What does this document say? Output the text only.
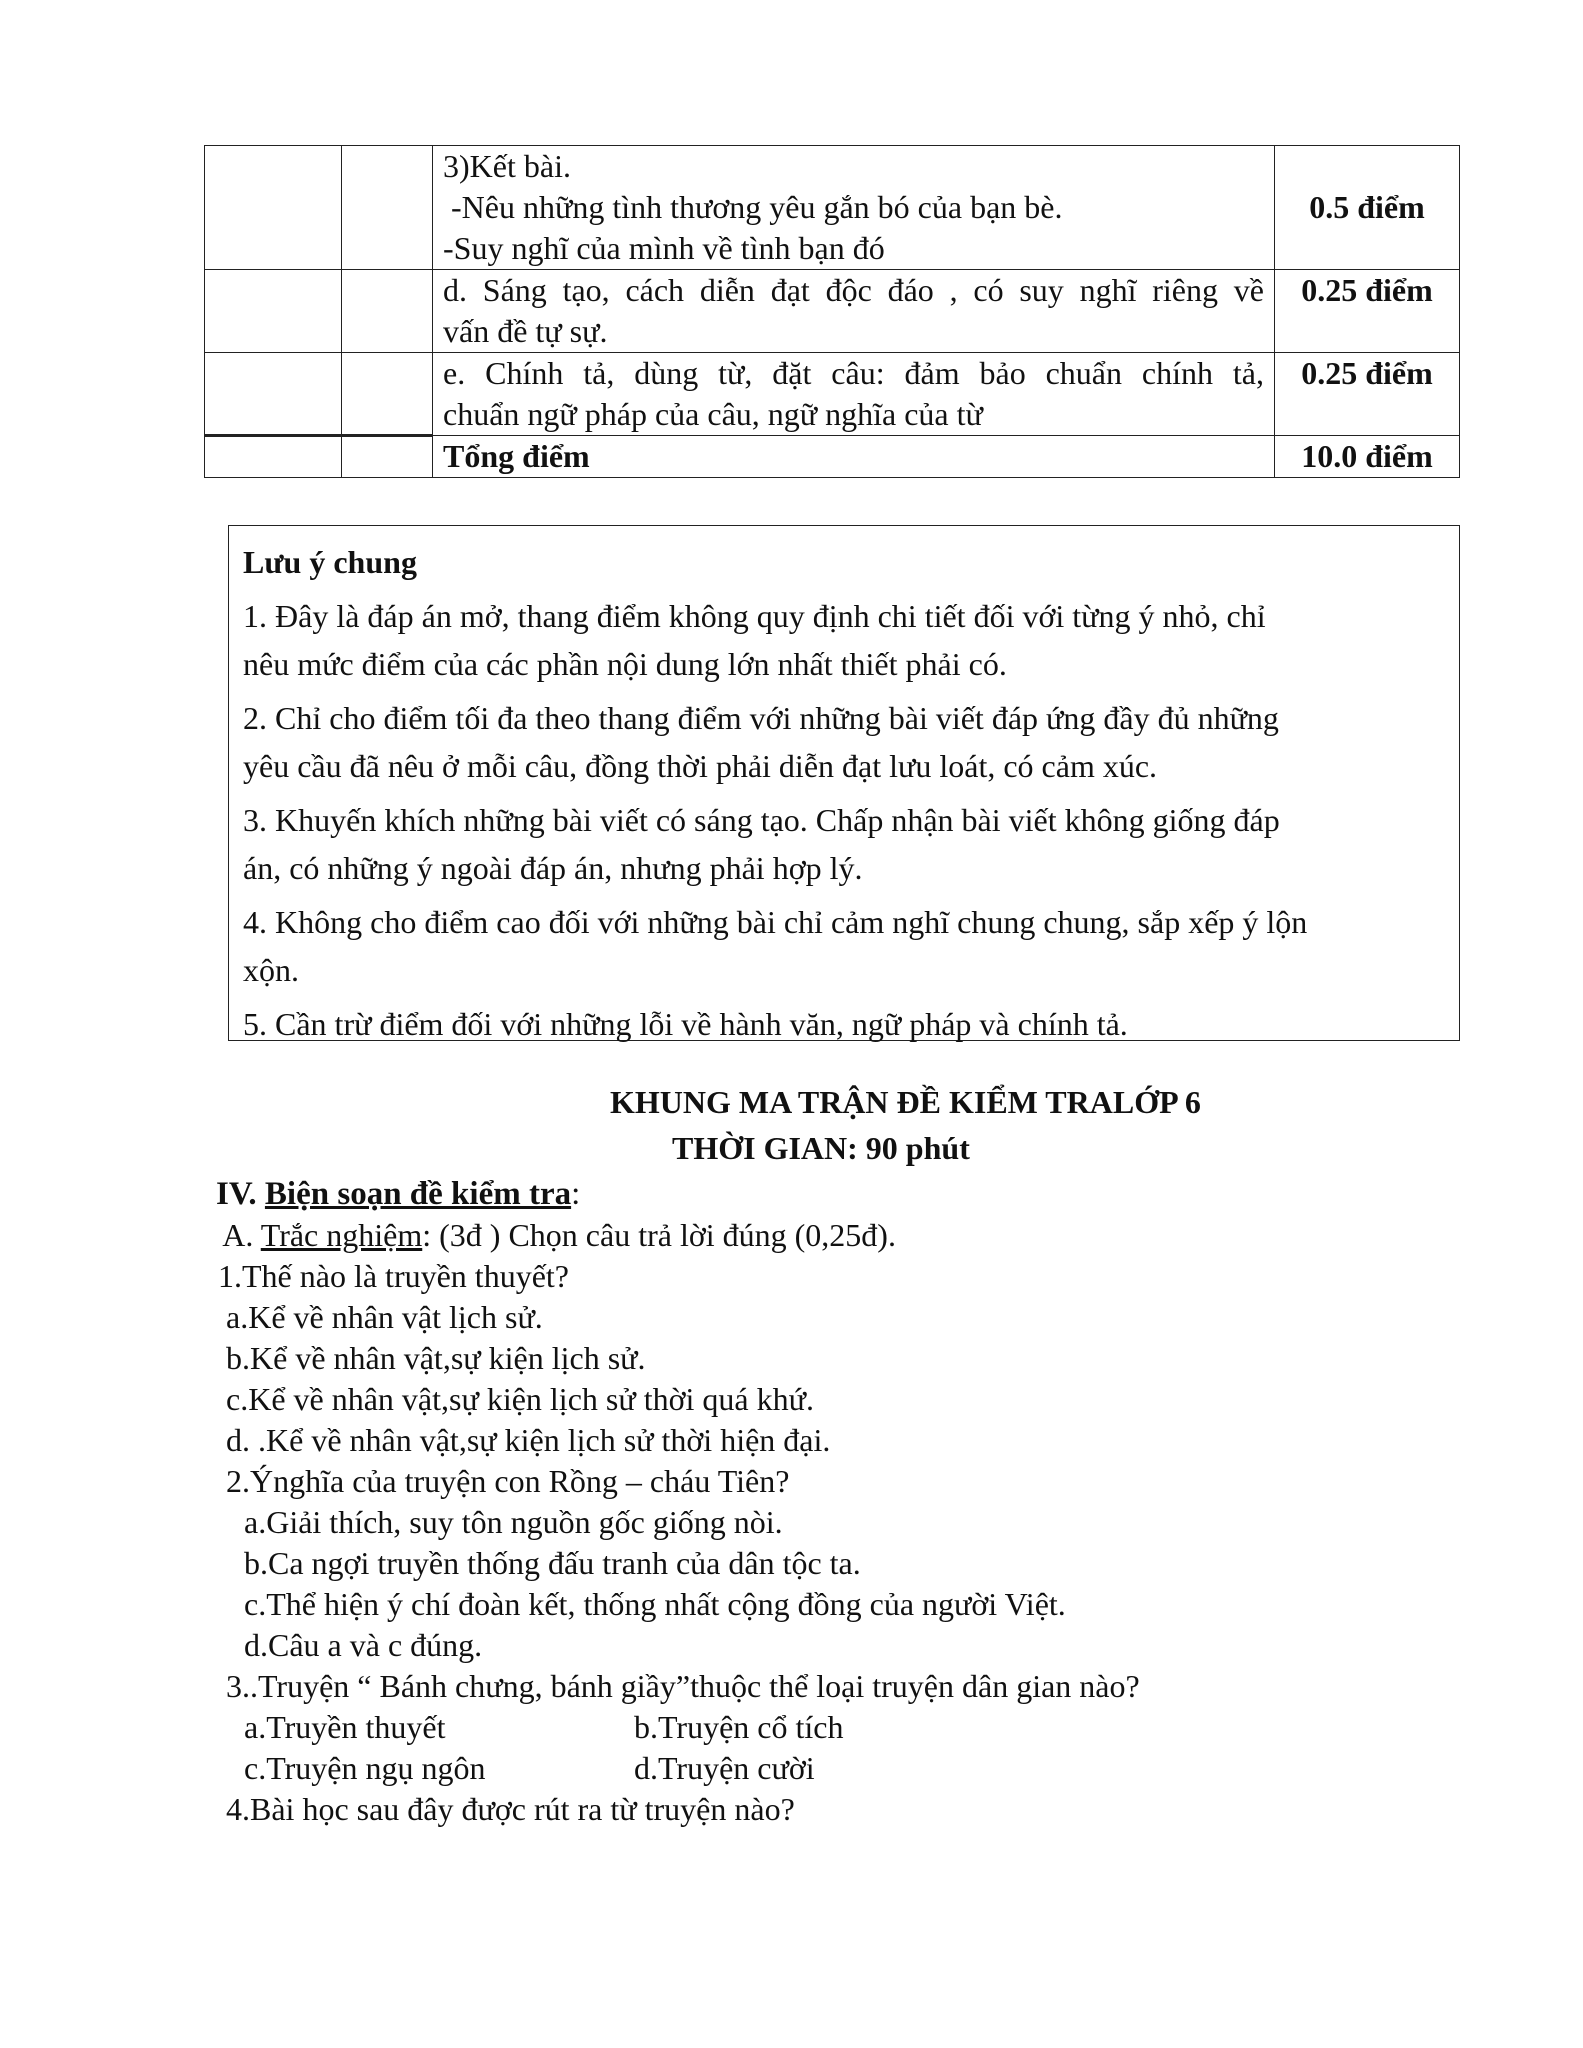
		3)Kết bài.
-Nêu những tình thương yêu gắn bó của bạn bè.
-Suy nghĩ của mình về tình bạn đó	0.5 điểm

		d. Sáng tạo, cách diễn đạt độc đáo , có suy nghĩ riêng về
vấn đề tự sự.	0.25 điểm

		e. Chính tả, dùng từ, đặt câu: đảm bảo chuẩn chính tả,
chuẩn ngữ pháp của câu, ngữ nghĩa của từ	0.25 điểm
		Tổng điểm	10.0 điểm
Lưu ý chung
1. Đây là đáp án mở, thang điểm không quy định chi tiết đối với từng ý nhỏ, chỉ
nêu mức điểm của các phần nội dung lớn nhất thiết phải có.
2. Chỉ cho điểm tối đa theo thang điểm với những bài viết đáp ứng đầy đủ những
yêu cầu đã nêu ở mỗi câu, đồng thời phải diễn đạt lưu loát, có cảm xúc.
3. Khuyến khích những bài viết có sáng tạo. Chấp nhận bài viết không giống đáp
án, có những ý ngoài đáp án, nhưng phải hợp lý.
4. Không cho điểm cao đối với những bài chỉ cảm nghĩ chung chung, sắp xếp ý lộn
xộn.
5. Cần trừ điểm đối với những lỗi về hành văn, ngữ pháp và chính tả.
KHUNG MA TRẬN ĐỀ KIỂM TRALỚP 6
THỜI GIAN: 90 phút
IV. Biện soạn đề kiểm tra:
A. Trắc nghiệm: (3đ ) Chọn câu trả lời đúng (0,25đ).
1.Thế nào là truyền thuyết?
a.Kể về nhân vật lịch sử.
b.Kể về nhân vật,sự kiện lịch sử.
c.Kể về nhân vật,sự kiện lịch sử thời quá khứ.
d. .Kể về nhân vật,sự kiện lịch sử thời hiện đại.
2.Ýnghĩa của truyện con Rồng – cháu Tiên?
a.Giải thích, suy tôn nguồn gốc giống nòi.
b.Ca ngợi truyền thống đấu tranh của dân tộc ta.
c.Thể hiện ý chí đoàn kết, thống nhất cộng đồng của người Việt.
d.Câu a và c đúng.
3..Truyện “ Bánh chưng, bánh giầy”thuộc thể loại truyện dân gian nào?
a.Truyền thuyết	b.Truyện cổ tích
c.Truyện ngụ ngôn	d.Truyện cười
4.Bài học sau đây được rút ra từ truyện nào?
